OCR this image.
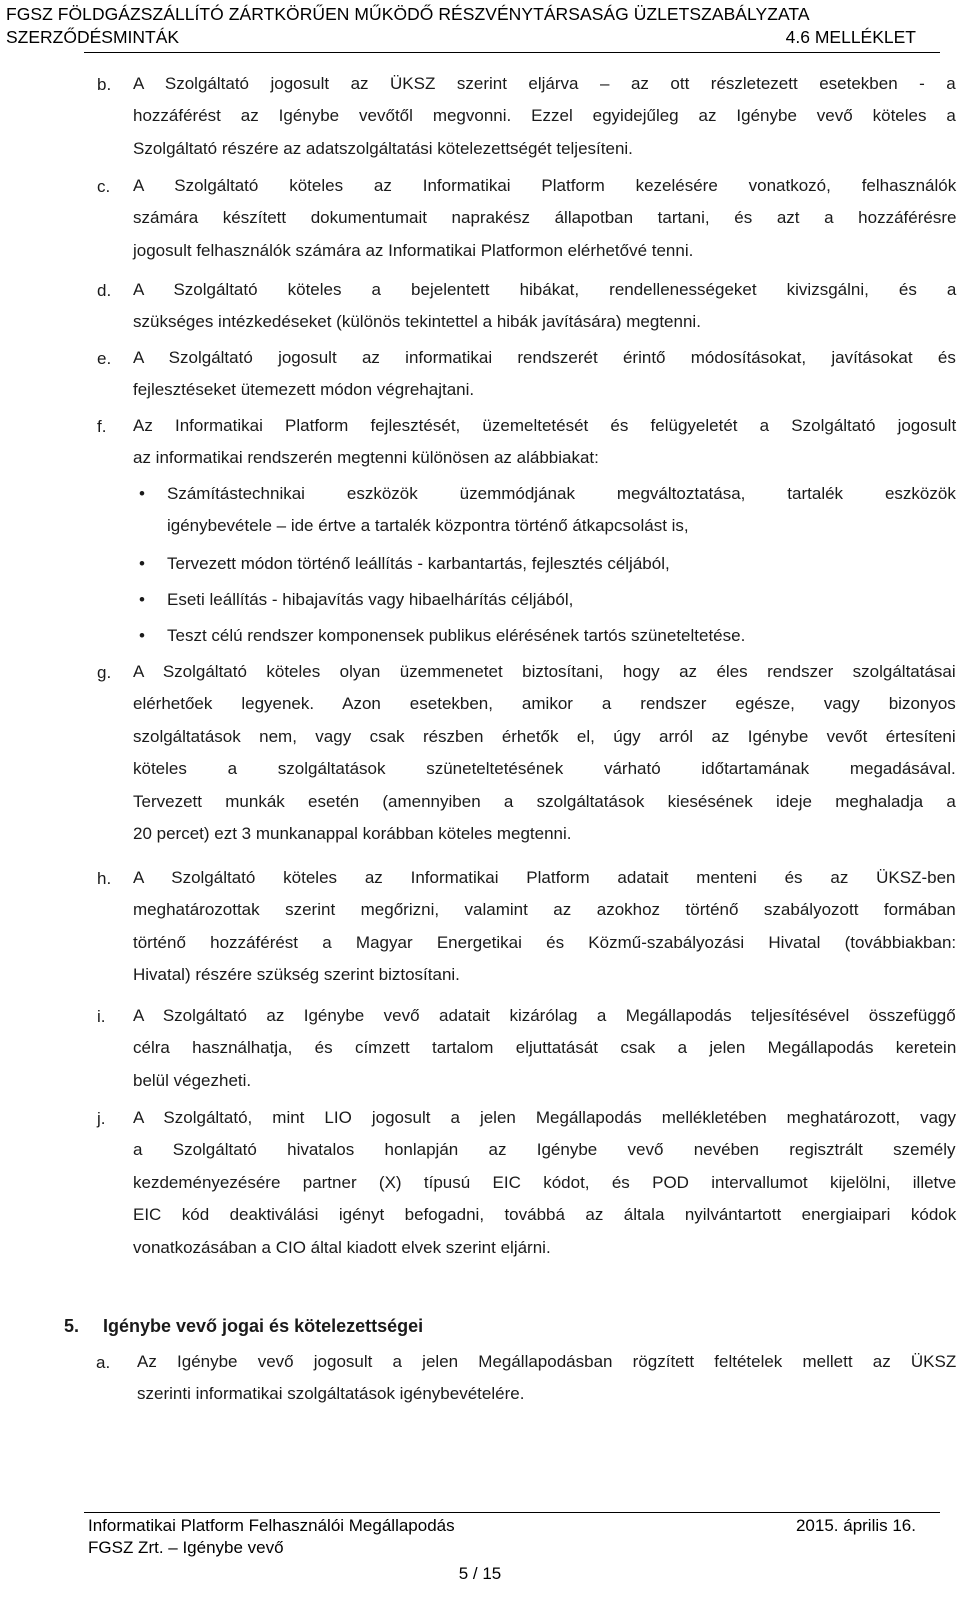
FGSZ FÖLDGÁZSZÁLLÍTÓ ZÁRTKÖRŰEN MŰKÖDŐ RÉSZVÉNYTÁRSASÁG ÜZLETSZABÁLYZATA
SZERZŐDÉSMINTÁK	4.6 MELLÉKLET
b. A Szolgáltató jogosult az ÜKSZ szerint eljárva – az ott részletezett esetekben - a
hozzáférést az Igénybe vevőtől megvonni. Ezzel egyidejűleg az Igénybe vevő köteles a
Szolgáltató részére az adatszolgáltatási kötelezettségét teljesíteni.
c. A Szolgáltató köteles az Informatikai Platform kezelésére vonatkozó, felhasználók
számára készített dokumentumait naprakész állapotban tartani, és azt a hozzáférésre
jogosult felhasználók számára az Informatikai Platformon elérhetővé tenni.
d. A Szolgáltató köteles a bejelentett hibákat, rendellenességeket kivizsgálni, és a
szükséges intézkedéseket (különös tekintettel a hibák javítására) megtenni.
e. A Szolgáltató jogosult az informatikai rendszerét érintő módosításokat, javításokat és
fejlesztéseket ütemezett módon végrehajtani.
f. Az Informatikai Platform fejlesztését, üzemeltetését és felügyeletét a Szolgáltató jogosult
az informatikai rendszerén megtenni különösen az alábbiakat:
• Számítástechnikai eszközök üzemmódjának megváltoztatása, tartalék eszközök
igénybevétele – ide értve a tartalék központra történő átkapcsolást is,
• Tervezett módon történő leállítás - karbantartás, fejlesztés céljából,
• Eseti leállítás - hibajavítás vagy hibaelhárítás céljából,
• Teszt célú rendszer komponensek publikus elérésének tartós szüneteltetése.
g. A Szolgáltató köteles olyan üzemmenetet biztosítani, hogy az éles rendszer szolgáltatásai
elérhetőek legyenek. Azon esetekben, amikor a rendszer egésze, vagy bizonyos
szolgáltatások nem, vagy csak részben érhetők el, úgy arról az Igénybe vevőt értesíteni
köteles a szolgáltatások szüneteltetésének várható időtartamának megadásával.
Tervezett munkák esetén (amennyiben a szolgáltatások kiesésének ideje meghaladja a
20 percet) ezt 3 munkanappal korábban köteles megtenni.
h. A Szolgáltató köteles az Informatikai Platform adatait menteni és az ÜKSZ-ben
meghatározottak szerint megőrizni, valamint az azokhoz történő szabályozott formában
történő hozzáférést a Magyar Energetikai és Közmű-szabályozási Hivatal (továbbiakban:
Hivatal) részére szükség szerint biztosítani.
i. A Szolgáltató az Igénybe vevő adatait kizárólag a Megállapodás teljesítésével összefüggő
célra használhatja, és címzett tartalom eljuttatását csak a jelen Megállapodás keretein
belül végezheti.
j. A Szolgáltató, mint LIO jogosult a jelen Megállapodás mellékletében meghatározott, vagy
a Szolgáltató hivatalos honlapján az Igénybe vevő nevében regisztrált személy
kezdeményezésére partner (X) típusú EIC kódot, és POD intervallumot kijelölni, illetve
EIC kód deaktiválási igényt befogadni, továbbá az általa nyilvántartott energiaipari kódok
vonatkozásában a CIO által kiadott elvek szerint eljárni.
5. Igénybe vevő jogai és kötelezettségei
a. Az Igénybe vevő jogosult a jelen Megállapodásban rögzített feltételek mellett az ÜKSZ
szerinti informatikai szolgáltatások igénybevételére.
Informatikai Platform Felhasználói Megállapodás	2015. április 16.
FGSZ Zrt. – Igénybe vevő
5 / 15
